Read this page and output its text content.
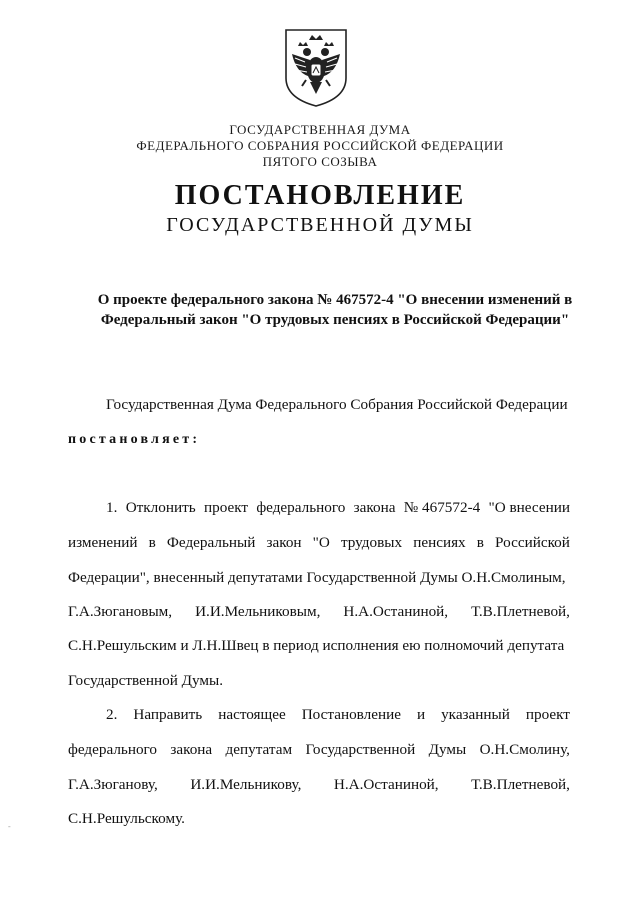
ГОСУДАРСТВЕННАЯ ДУМА
ФЕДЕРАЛЬНОГО СОБРАНИЯ РОССИЙСКОЙ ФЕДЕРАЦИИ
ПЯТОГО СОЗЫВА
ПОСТАНОВЛЕНИЕ
ГОСУДАРСТВЕННОЙ ДУМЫ
О проекте федерального закона № 467572-4 "О внесении изменений в
Федеральный закон "О трудовых пенсиях в Российской Федерации"
Государственная Дума Федерального Собрания Российской Федерации
постановляет:
1. Отклонить проект федерального закона № 467572-4 "О внесении
изменений в Федеральный закон "О трудовых пенсиях в Российской
Федерации", внесенный депутатами Государственной Думы О.Н.Смолиным,
Г.А.Зюгановым, И.И.Мельниковым, Н.А.Останиной, Т.В.Плетневой,
С.Н.Решульским и Л.Н.Швец в период исполнения ею полномочий депутата
Государственной Думы.
2. Направить настоящее Постановление и указанный проект
федерального закона депутатам Государственной Думы О.Н.Смолину,
Г.А.Зюганову, И.И.Мельникову, Н.А.Останиной, Т.В.Плетневой,
С.Н.Решульскому.
-
